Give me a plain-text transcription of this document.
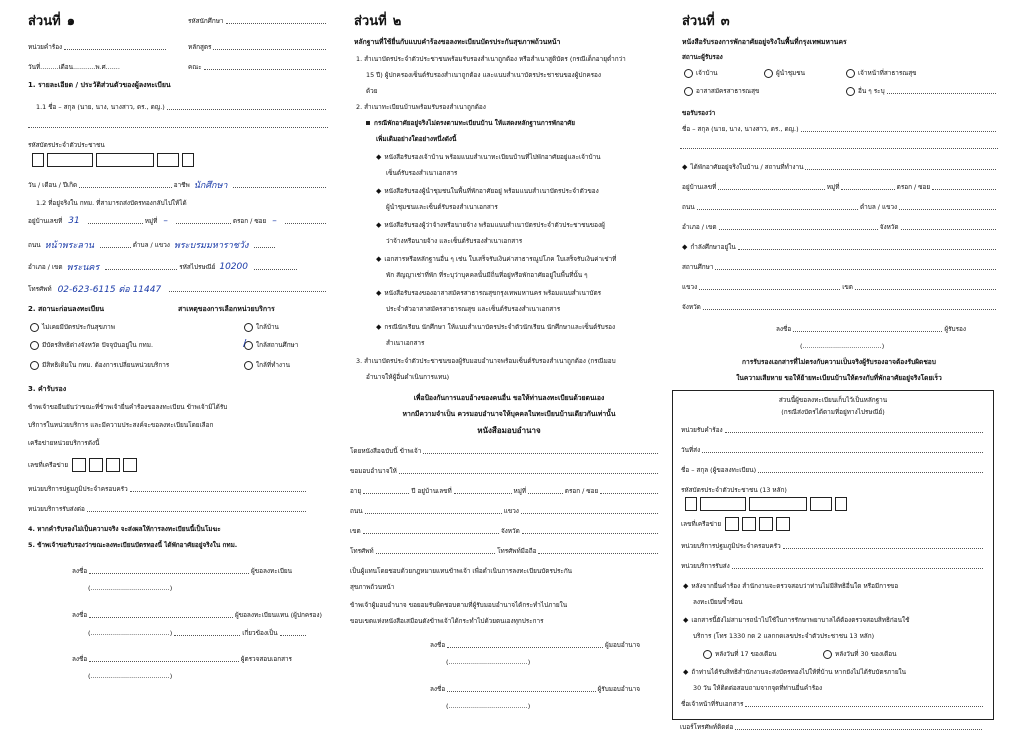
ส่วนที่ ๑	รหัสนักศึกษา
หน่วยคำร้อง	หลักสูตร
วันที่.........เดือน...........พ.ศ.......	คณะ
1. รายละเอียด / ประวัติส่วนตัวของผู้ลงทะเบียน
1.1 ชื่อ – สกุล (นาย, นาง, นางสาว, ดร., ดญ.)
รหัสบัตรประจำตัวประชาชน
วัน / เดือน / ปีเกิด	อาชีพ นักศึกษา
1.2 ที่อยู่จริงใน กทม. ที่สามารถส่งบัตรทองกลับไปให้ได้
อยู่บ้านเลขที่ 31	หมู่ที่ –	ตรอก / ซอย –
ถนน หน้าพระลาน	ตำบล / แขวง พระบรมมหาราชวัง
อำเภอ / เขต พระนคร	รหัสไปรษณีย์ 10200
โทรศัพท์ 02-623-6115 ต่อ 11447
2. สถานะก่อนลงทะเบียน	สาเหตุของการเลือกหน่วยบริการ
ไม่เคยมีบัตรประกันสุขภาพ
มีบัตรสิทธิต่างจังหวัด ปัจจุบันอยู่ใน กทม.
มีสิทธิเดิมใน กทม. ต้องการเปลี่ยนหน่วยบริการ
ใกล้บ้าน
/ ใกล้สถานศึกษา
ใกล้ที่ทำงาน
3. คำรับรอง
ข้าพเจ้าขอยืนยันว่าขณะที่ข้าพเจ้ายื่นคำร้องขอลงทะเบียน ข้าพเจ้ามิได้รับ
บริการในหน่วยบริการ และมีความประสงค์จะขอลงทะเบียนโดยเลือก
เครือข่ายหน่วยบริการดังนี้
เลขที่เครือข่าย
หน่วยบริการปฐมภูมิประจำครอบครัว
หน่วยบริการรับส่งต่อ
4. หากคำรับรองไม่เป็นความจริง จะส่งผลให้การลงทะเบียนนี้เป็นโมฆะ
5. ข้าพเจ้าขอรับรองว่าขณะลงทะเบียนบัตรทองนี้ ได้พักอาศัยอยู่จริงใน กทม.
ลงชื่อ	ผู้ขอลงทะเบียน
(.......................................)
ลงชื่อ	ผู้ขอลงทะเบียนแทน (ผู้ปกครอง)
(.......................................)	เกี่ยวข้องเป็น
ลงชื่อ	ผู้ตรวจสอบเอกสาร
(.......................................)
ส่วนที่ ๒
หลักฐานที่ใช้ยื่นกับแบบคำร้องขอลงทะเบียนบัตรประกันสุขภาพถ้วนหน้า
1. สำเนาบัตรประจำตัวประชาชนพร้อมรับรองสำเนาถูกต้อง หรือสำเนาสูติบัตร (กรณีเด็กอายุต่ำกว่า
15 ปี) ผู้ปกครองเซ็นต์รับรองสำเนาถูกต้อง และแนบสำเนาบัตรประชาชนของผู้ปกครอง
ด้วย
2. สำเนาทะเบียนบ้านพร้อมรับรองสำเนาถูกต้อง
กรณีพักอาศัยอยู่จริงไม่ตรงตามทะเบียนบ้าน ให้แสดงหลักฐานการพักอาศัย
เพิ่มเติมอย่างใดอย่างหนึ่งดังนี้
◆ หนังสือรับรองเจ้าบ้าน พร้อมแนบสำเนาทะเบียนบ้านที่ไปพักอาศัยอยู่และเจ้าบ้าน
เซ็นต์รับรองสำเนาเอกสาร
◆ หนังสือรับรองผู้นำชุมชนในพื้นที่พักอาศัยอยู่ พร้อมแนบสำเนาบัตรประจำตัวของ
ผู้นำชุมชนและเซ็นต์รับรองสำเนาเอกสาร
◆ หนังสือรับรองผู้ว่าจ้างหรือนายจ้าง พร้อมแนบสำเนาบัตรประจำตัวประชาชนของผู้
ว่าจ้างหรือนายจ้าง และเซ็นต์รับรองสำเนาเอกสาร
◆ เอกสารหรือหลักฐานอื่น ๆ เช่น ใบเสร็จรับเงินค่าสาธารณูปโภค ใบเสร็จรับเงินค่าเช่าที่
พัก สัญญาเช่าที่พัก ที่ระบุว่าบุคคลนั้นมีถิ่นที่อยู่หรือพักอาศัยอยู่ในพื้นที่นั้น ๆ
◆ หนังสือรับรองของอาสาสมัครสาธารณสุขกรุงเทพมหานคร พร้อมแนบสำเนาบัตร
ประจำตัวอาสาสมัครสาธารณสุข และเซ็นต์รับรองสำเนาเอกสาร
◆ กรณีนักเรียน นักศึกษา ให้แนบสำเนาบัตรประจำตัวนักเรียน นักศึกษาและเซ็นต์รับรอง
สำเนาเอกสาร
3. สำเนาบัตรประจำตัวประชาชนของผู้รับมอบอำนาจพร้อมเซ็นต์รับรองสำเนาถูกต้อง (กรณีมอบ
อำนาจให้ผู้อื่นดำเนินการแทน)
เพื่อป้องกันการแอบอ้างของคนอื่น ขอให้ท่านลงทะเบียนด้วยตนเอง
หากมีความจำเป็น ควรมอบอำนาจให้บุคคลในทะเบียนบ้านเดียวกันเท่านั้น
หนังสือมอบอำนาจ
โดยหนังสือฉบับนี้ ข้าพเจ้า
ขอมอบอำนาจให้
อายุ	ปี อยู่บ้านเลขที่	หมู่ที่	ตรอก / ซอย
ถนน	แขวง
เขต	จังหวัด
โทรศัพท์	โทรศัพท์มือถือ
เป็นผู้แทนโดยชอบด้วยกฎหมายแทนข้าพเจ้า เพื่อดำเนินการลงทะเบียนบัตรประกัน
สุขภาพถ้วนหน้า
ข้าพเจ้าผู้มอบอำนาจ ขอยอมรับผิดชอบตามที่ผู้รับมอบอำนาจได้กระทำไปภายใน
ขอบเขตแห่งหนังสือเสมือนดังข้าพเจ้าได้กระทำไปด้วยตนเองทุกประการ
ลงชื่อ	ผู้มอบอำนาจ
(.......................................)
ลงชื่อ	ผู้รับมอบอำนาจ
(.......................................)
ส่วนที่ ๓
หนังสือรับรองการพักอาศัยอยู่จริงในพื้นที่กรุงเทพมหานคร
สถานะผู้รับรอง
เจ้าบ้าน	ผู้นำชุมชน	เจ้าหน้าที่สาธารณสุข
อาสาสมัครสาธารณสุข	อื่น ๆ ระบุ
ขอรับรองว่า
ชื่อ – สกุล (นาย, นาง, นางสาว, ดร., ดญ.)
◆ ได้พักอาศัยอยู่จริงในบ้าน / สถานที่ทำงาน
อยู่บ้านเลขที่	หมู่ที่	ตรอก / ซอย
ถนน	ตำบล / แขวง
อำเภอ / เขต	จังหวัด
◆ กำลังศึกษาอยู่ใน
สถานศึกษา
แขวง	เขต
จังหวัด
ลงชื่อ	ผู้รับรอง
(.......................................)
การรับรองเอกสารที่ไม่ตรงกับความเป็นจริงผู้รับรองอาจต้องรับผิดชอบ
ในความเสียหาย ขอให้ย้ายทะเบียนบ้านให้ตรงกับที่พักอาศัยอยู่จริงโดยเร็ว
ส่วนนี้ผู้ขอลงทะเบียนเก็บไว้เป็นหลักฐาน
(กรณีส่งบัตรได้ตามที่อยู่ทางไปรษณีย์)
หน่วยรับคำร้อง
วันที่ส่ง
ชื่อ – สกุล (ผู้ขอลงทะเบียน)
รหัสบัตรประจำตัวประชาชน (13 หลัก)
เลขที่เครือข่าย
หน่วยบริการปฐมภูมิประจำครอบครัว
หน่วยบริการรับส่ง
◆ หลังจากยื่นคำร้อง สำนักงานจะตรวจสอบว่าท่านไม่มีสิทธิอื่นใด หรือมีการขอ
ลงทะเบียนซ้ำซ้อน
◆ เอกสารนี้ยังไม่สามารถนำไปใช้ในการรักษาพยาบาลได้ต้องตรวจสอบสิทธิก่อนใช้
บริการ (โทร 1330 กด 2 แลกกดเลขประจำตัวประชาชน 13 หลัก)
หลังวันที่ 17 ของเดือน	หลังวันที่ 30 ของเดือน
◆ ถ้าท่านได้รับสิทธิสำนักงานจะส่งบัตรทองไปให้ที่บ้าน หากยังไม่ได้รับบัตรภายใน
30 วัน ให้ติดต่อสอบถามจากจุดที่ท่านยื่นคำร้อง
ชื่อเจ้าหน้าที่รับเอกสาร
เบอร์โทรศัพท์ติดต่อ
